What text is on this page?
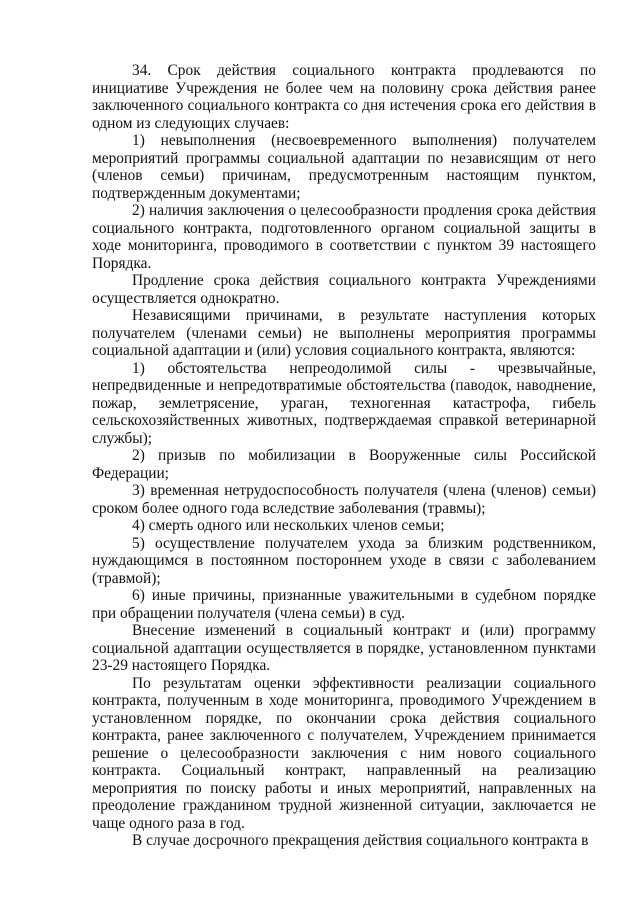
34. Срок действия социального контракта продлеваются по инициативе Учреждения не более чем на половину срока действия ранее заключенного социального контракта со дня истечения срока его действия в одном из следующих случаев:

1) невыполнения (несвоевременного выполнения) получателем мероприятий программы социальной адаптации по независящим от него (членов семьи) причинам, предусмотренным настоящим пунктом, подтвержденным документами;

2) наличия заключения о целесообразности продления срока действия социального контракта, подготовленного органом социальной защиты в ходе мониторинга, проводимого в соответствии с пунктом 39 настоящего Порядка.

Продление срока действия социального контракта Учреждениями осуществляется однократно.

Независящими причинами, в результате наступления которых получателем (членами семьи) не выполнены мероприятия программы социальной адаптации и (или) условия социального контракта, являются:

1) обстоятельства непреодолимой силы - чрезвычайные, непредвиденные и непредотвратимые обстоятельства (паводок, наводнение, пожар, землетрясение, ураган, техногенная катастрофа, гибель сельскохозяйственных животных, подтверждаемая справкой ветеринарной службы);

2) призыв по мобилизации в Вооруженные силы Российской Федерации;

3) временная нетрудоспособность получателя (члена (членов) семьи) сроком более одного года вследствие заболевания (травмы);

4) смерть одного или нескольких членов семьи;

5) осуществление получателем ухода за близким родственником, нуждающимся в постоянном постороннем уходе в связи с заболеванием (травмой);

6) иные причины, признанные уважительными в судебном порядке при обращении получателя (члена семьи) в суд.

Внесение изменений в социальный контракт и (или) программу социальной адаптации осуществляется в порядке, установленном пунктами 23-29 настоящего Порядка.

По результатам оценки эффективности реализации социального контракта, полученным в ходе мониторинга, проводимого Учреждением в установленном порядке, по окончании срока действия социального контракта, ранее заключенного с получателем, Учреждением принимается решение о целесообразности заключения с ним нового социального контракта. Социальный контракт, направленный на реализацию мероприятия по поиску работы и иных мероприятий, направленных на преодоление гражданином трудной жизненной ситуации, заключается не чаще одного раза в год.

В случае досрочного прекращения действия социального контракта в
